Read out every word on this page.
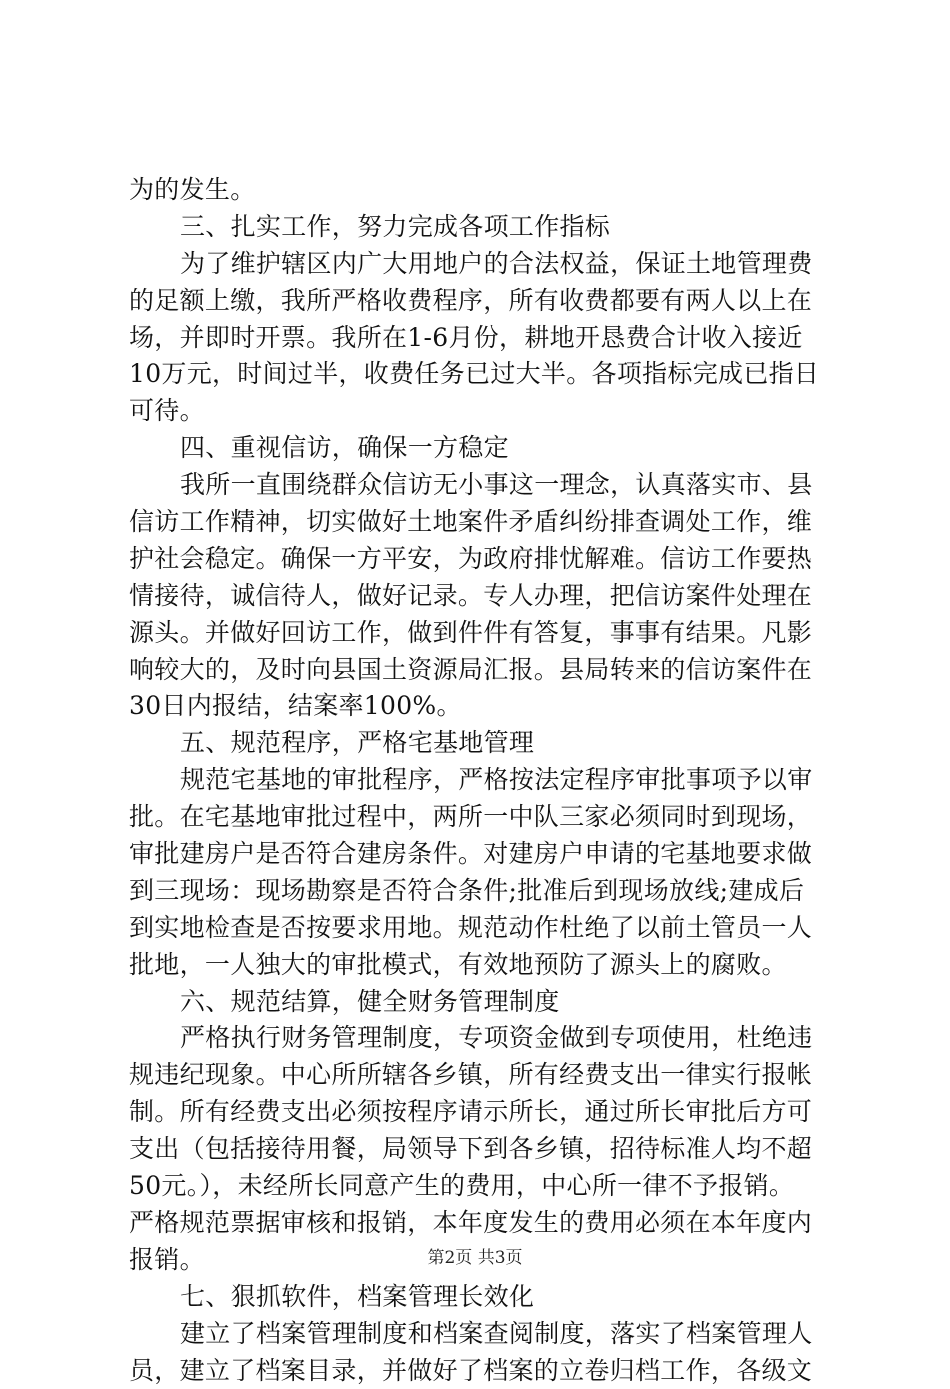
为的发生。
三、扎实工作，努力完成各项工作指标
为了维护辖区内广大用地户的合法权益，保证土地管理费
的足额上缴，我所严格收费程序，所有收费都要有两人以上在
场，并即时开票。我所在1-6月份，耕地开恳费合计收入接近
10万元，时间过半，收费任务已过大半。各项指标完成已指日
可待。
四、重视信访，确保一方稳定
我所一直围绕群众信访无小事这一理念，认真落实市、县
信访工作精神，切实做好土地案件矛盾纠纷排查调处工作，维
护社会稳定。确保一方平安，为政府排忧解难。信访工作要热
情接待，诚信待人，做好记录。专人办理，把信访案件处理在
源头。并做好回访工作，做到件件有答复，事事有结果。凡影
响较大的，及时向县国土资源局汇报。县局转来的信访案件在
30日内报结，结案率100%。
五、规范程序，严格宅基地管理
规范宅基地的审批程序，严格按法定程序审批事项予以审
批。在宅基地审批过程中，两所一中队三家必须同时到现场，
审批建房户是否符合建房条件。对建房户申请的宅基地要求做
到三现场：现场勘察是否符合条件;批准后到现场放线;建成后
到实地检查是否按要求用地。规范动作杜绝了以前土管员一人
批地，一人独大的审批模式，有效地预防了源头上的腐败。
六、规范结算，健全财务管理制度
严格执行财务管理制度，专项资金做到专项使用，杜绝违
规违纪现象。中心所所辖各乡镇，所有经费支出一律实行报帐
制。所有经费支出必须按程序请示所长，通过所长审批后方可
支出（包括接待用餐，局领导下到各乡镇，招待标准人均不超
50元。），未经所长同意产生的费用，中心所一律不予报销。
严格规范票据审核和报销，本年度发生的费用必须在本年度内
报销。
七、狠抓软件，档案管理长效化
建立了档案管理制度和档案查阅制度，落实了档案管理人
员，建立了档案目录，并做好了档案的立卷归档工作，各级文
第2页 共3页
